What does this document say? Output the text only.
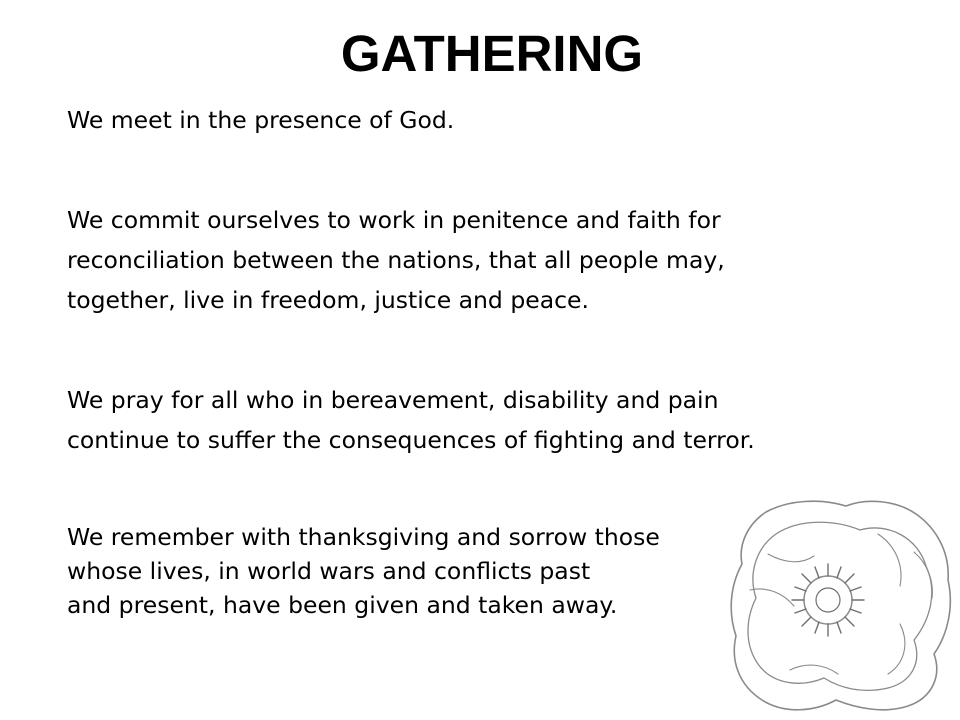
GATHERING
We meet in the presence of God.
We commit ourselves to work in penitence and faith for
reconciliation between the nations, that all people may,
together, live in freedom, justice and peace.
We pray for all who in bereavement, disability and pain
continue to suffer the consequences of fighting and terror.
We remember with thanksgiving and sorrow those
whose lives, in world wars and conflicts past
and present, have been given and taken away.
